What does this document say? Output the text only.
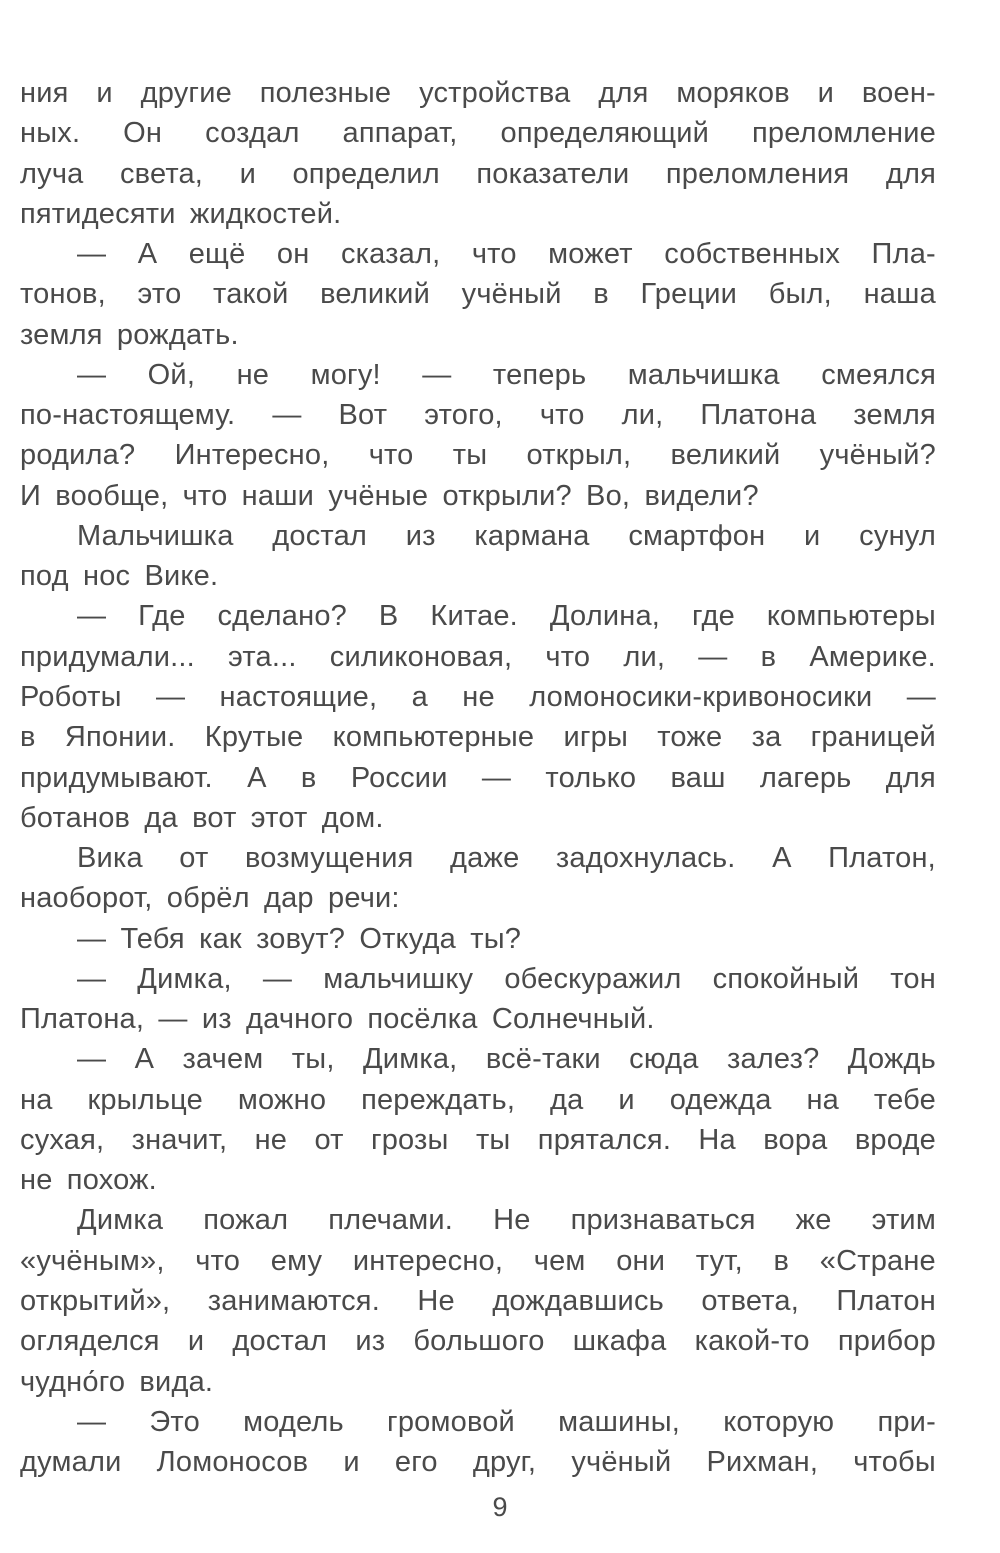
ния и другие полезные устройства для моряков и воен-
ных. Он создал аппарат, определяющий преломление
луча света, и определил показатели преломления для
пятидесяти жидкостей.
— А ещё он сказал, что может собственных Пла-
тонов, это такой великий учёный в Греции был, наша
земля рождать.
— Ой, не могу! — теперь мальчишка смеялся
по-настоящему. — Вот этого, что ли, Платона земля
родила? Интересно, что ты открыл, великий учёный?
И вообще, что наши учёные открыли? Во, видели?
Мальчишка достал из кармана смартфон и сунул
под нос Вике.
— Где сделано? В Китае. Долина, где компьютеры
придумали... эта... силиконовая, что ли, — в Америке.
Роботы — настоящие, а не ломоносики-кривоносики —
в Японии. Крутые компьютерные игры тоже за границей
придумывают. А в России — только ваш лагерь для
ботанов да вот этот дом.
Вика от возмущения даже задохнулась. А Платон,
наоборот, обрёл дар речи:
— Тебя как зовут? Откуда ты?
— Димка, — мальчишку обескуражил спокойный тон
Платона, — из дачного посёлка Солнечный.
— А зачем ты, Димка, всё-таки сюда залез? Дождь
на крыльце можно переждать, да и одежда на тебе
сухая, значит, не от грозы ты прятался. На вора вроде
не похож.
Димка пожал плечами. Не признаваться же этим
«учёным», что ему интересно, чем они тут, в «Стране
открытий», занимаются. Не дождавшись ответа, Платон
огляделся и достал из большого шкафа какой-то прибор
чудно́го вида.
— Это модель громовой машины, которую при-
думали Ломоносов и его друг, учёный Рихман, чтобы
9
